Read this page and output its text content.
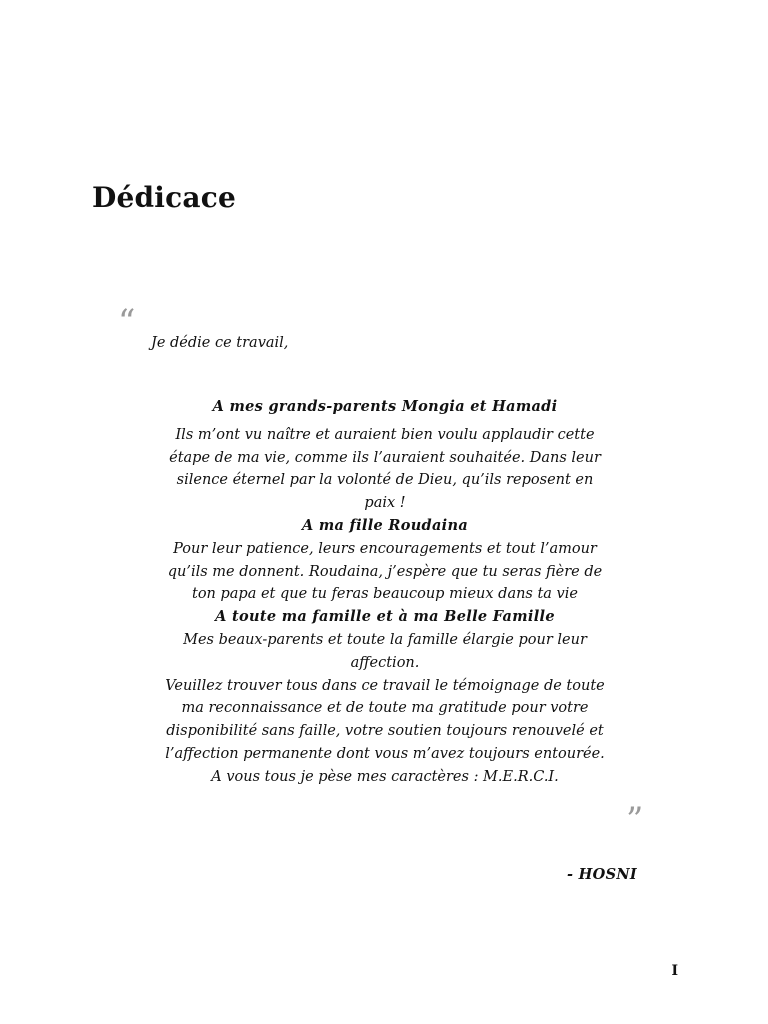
Dédicace
“

Je dédie ce travail,

A mes grands-parents Mongia et Hamadi

Ils m’ont vu naître et auraient bien voulu applaudir cette

étape de ma vie, comme ils l’auraient souhaitée. Dans leur

silence éternel par la volonté de Dieu, qu’ils reposent en

paix !

A ma fille Roudaina

Pour leur patience, leurs encouragements et tout l’amour

qu’ils me donnent. Roudaina, j’espère que tu seras fière de

ton papa et que tu feras beaucoup mieux dans ta vie

A toute ma famille et à ma Belle Famille

Mes beaux-parents et toute la famille élargie pour leur

affection.

Veuillez trouver tous dans ce travail le témoignage de toute

ma reconnaissance et de toute ma gratitude pour votre

disponibilité sans faille, votre soutien toujours renouvelé et

l’affection permanente dont vous m’avez toujours entourée.

A vous tous je pèse mes caractères : M.E.R.C.I.

”

- HOSNI

I
